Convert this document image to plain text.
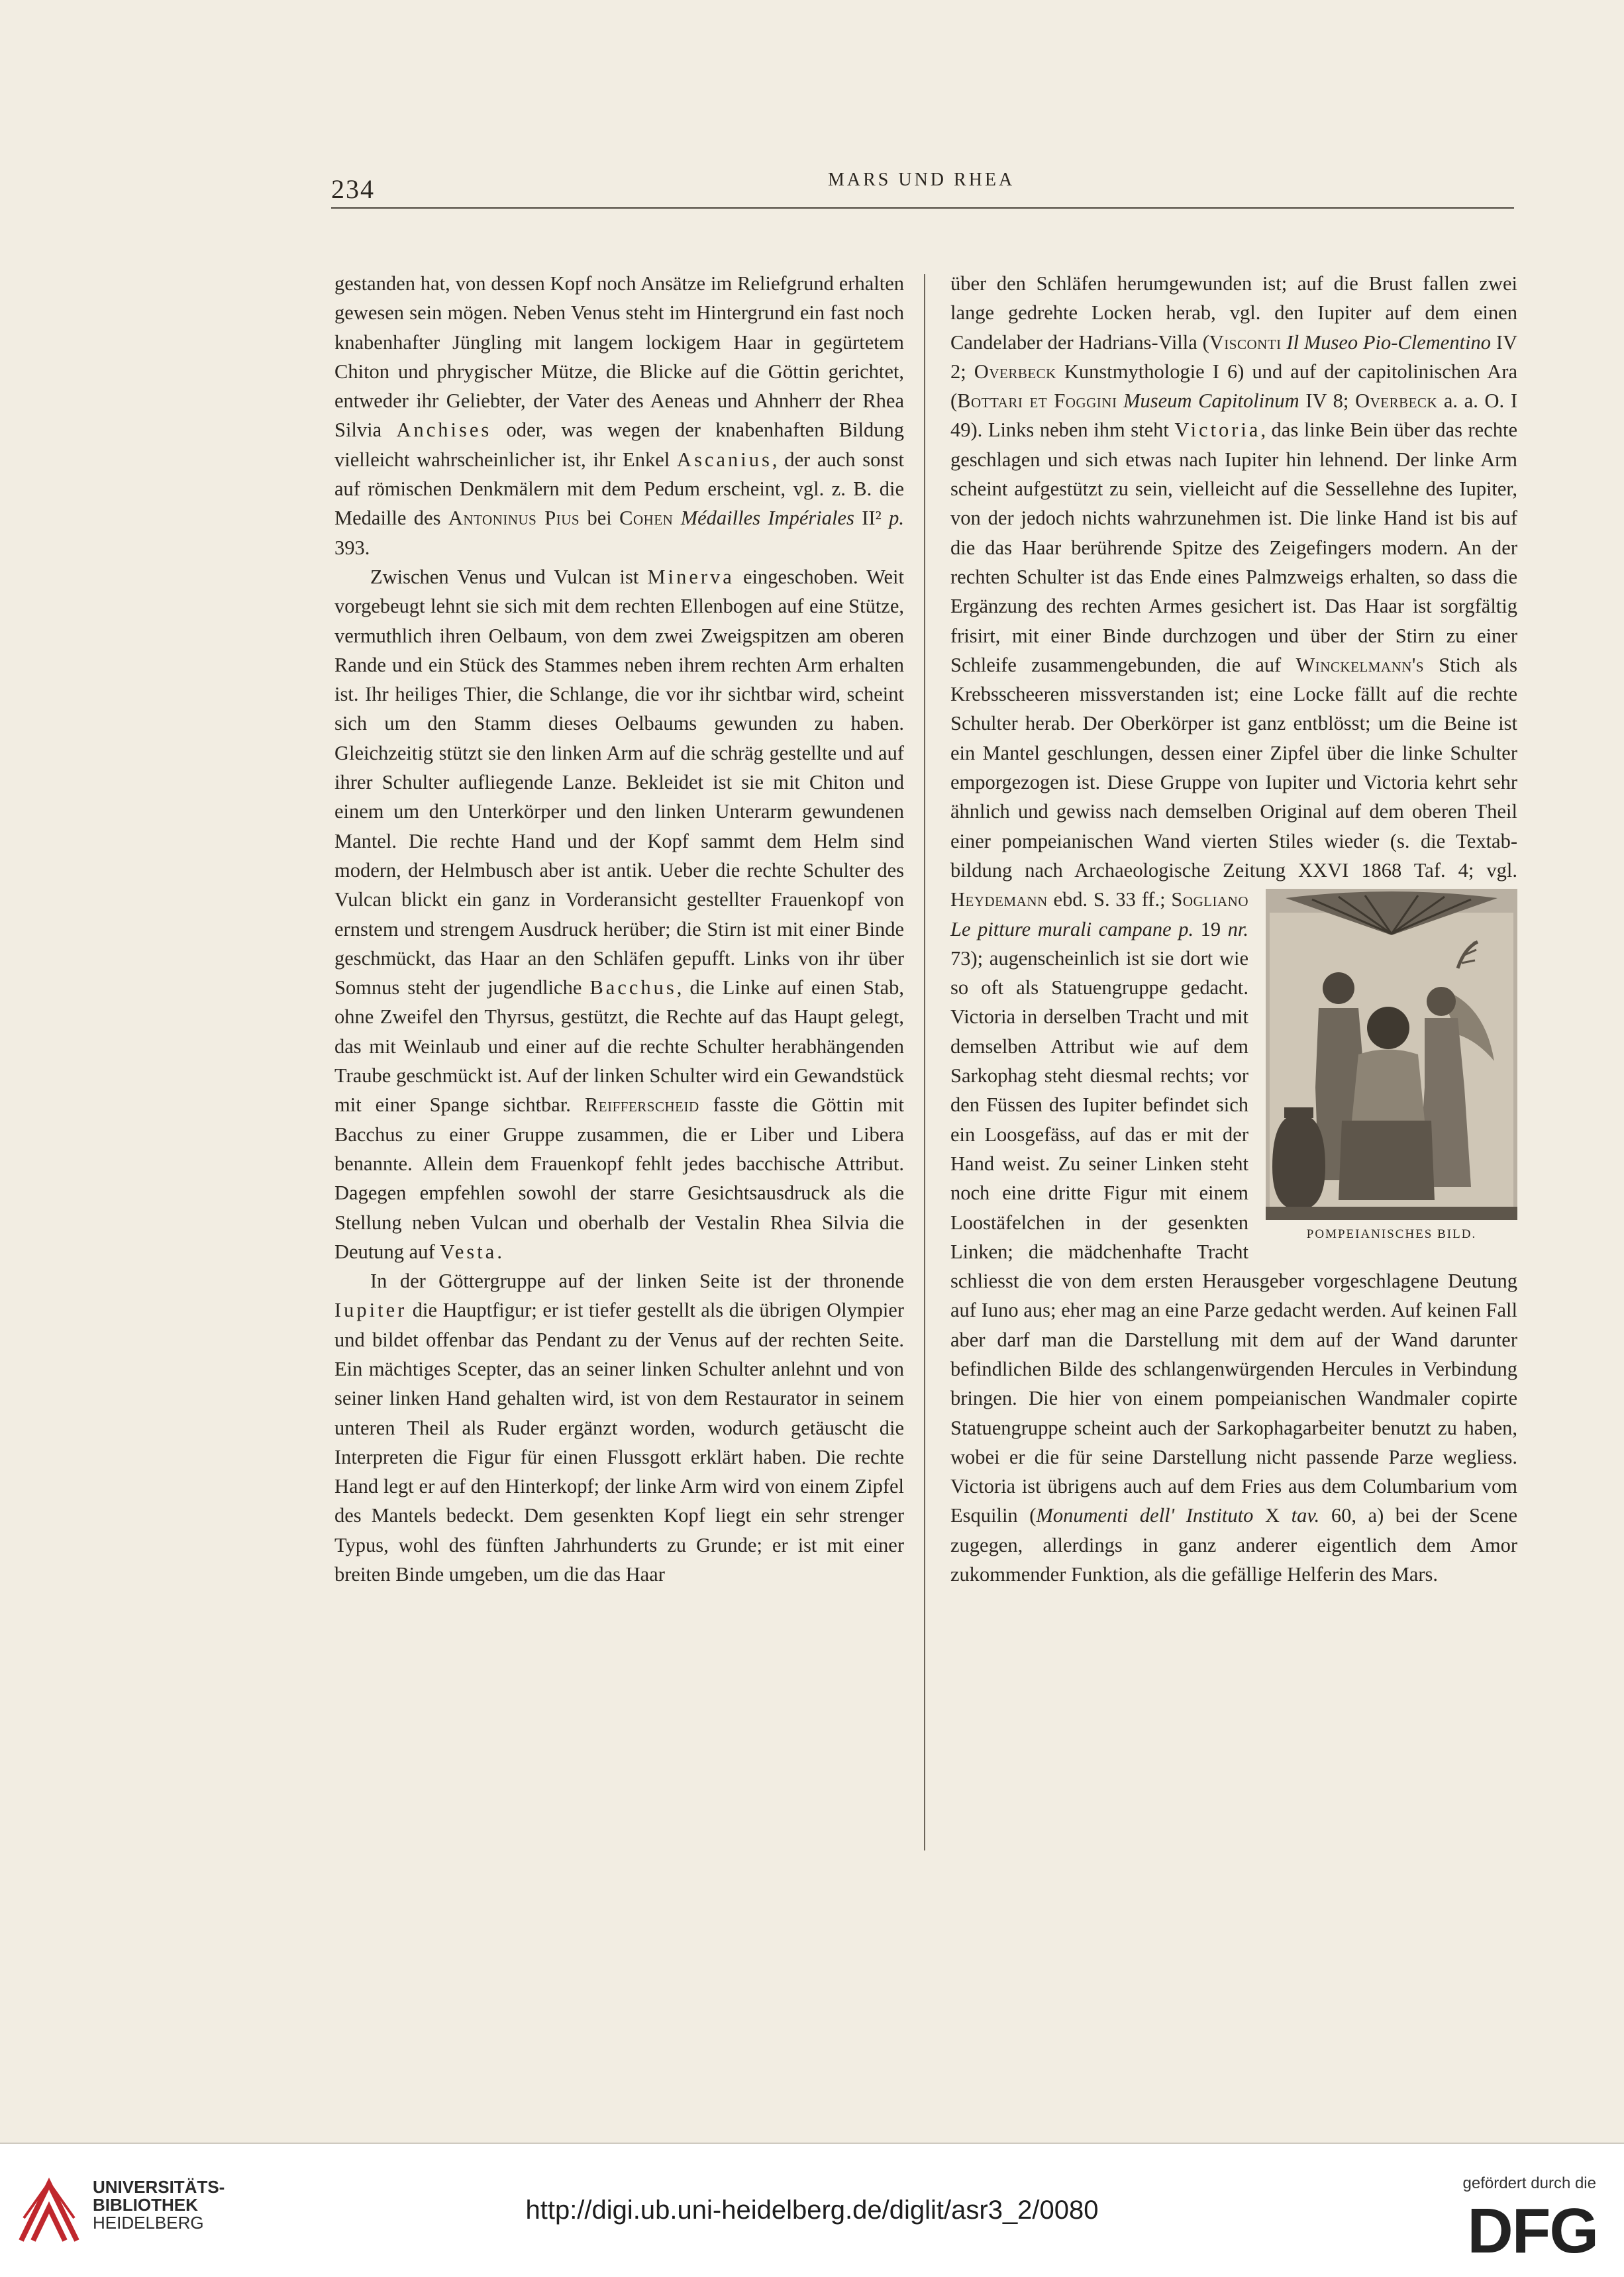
234	MARS UND RHEA

gestanden hat, von dessen Kopf noch Ansätze im Reliefgrund erhalten gewesen sein mögen. Neben Venus steht im Hintergrund ein fast noch knabenhafter Jüngling mit langem lockigem Haar in gegürtetem Chiton und phrygischer Mütze, die Blicke auf die Göttin gerichtet, entweder ihr Geliebter, der Vater des Aeneas und Ahnherr der Rhea Silvia Anchises oder, was wegen der knabenhaften Bildung vielleicht wahrscheinlicher ist, ihr Enkel Ascanius, der auch sonst auf römischen Denkmälern mit dem Pedum erscheint, vgl. z. B. die Medaille des Antoninus Pius bei Cohen Médailles Impériales II² p. 393.

Zwischen Venus und Vulcan ist Minerva eingeschoben. Weit vorgebeugt lehnt sie sich mit dem rechten Ellenbogen auf eine Stütze, vermuthlich ihren Oelbaum, von dem zwei Zweigspitzen am oberen Rande und ein Stück des Stammes neben ihrem rechten Arm erhalten ist. Ihr heiliges Thier, die Schlange, die vor ihr sichtbar wird, scheint sich um den Stamm dieses Oelbaums gewunden zu haben. Gleichzeitig stützt sie den linken Arm auf die schräg gestellte und auf ihrer Schulter aufliegende Lanze. Bekleidet ist sie mit Chiton und einem um den Unterkörper und den linken Unterarm gewundenen Mantel. Die rechte Hand und der Kopf sammt dem Helm sind modern, der Helmbusch aber ist antik. Ueber die rechte Schulter des Vulcan blickt ein ganz in Vorderansicht gestellter Frauenkopf von ernstem und strengem Ausdruck herüber; die Stirn ist mit einer Binde geschmückt, das Haar an den Schläfen gepufft. Links von ihr über Somnus steht der jugendliche Bacchus, die Linke auf einen Stab, ohne Zweifel den Thyrsus, gestützt, die Rechte auf das Haupt gelegt, das mit Weinlaub und einer auf die rechte Schulter herabhängenden Traube geschmückt ist. Auf der linken Schulter wird ein Gewandstück mit einer Spange sichtbar. Reifferscheid fasste die Göttin mit Bacchus zu einer Gruppe zusammen, die er Liber und Libera benannte. Allein dem Frauenkopf fehlt jedes bacchische Attribut. Dagegen empfehlen sowohl der starre Gesichtsausdruck als die Stellung neben Vulcan und oberhalb der Vestalin Rhea Silvia die Deutung auf Vesta.

In der Göttergruppe auf der linken Seite ist der thronende Iupiter die Hauptfigur; er ist tiefer gestellt als die übrigen Olympier und bildet offenbar das Pendant zu der Venus auf der rechten Seite. Ein mächtiges Scepter, das an seiner linken Schulter anlehnt und von seiner linken Hand gehalten wird, ist von dem Restaurator in seinem unteren Theil als Ruder ergänzt worden, wodurch getäuscht die Interpreten die Figur für einen Flussgott erklärt haben. Die rechte Hand legt er auf den Hinterkopf; der linke Arm wird von einem Zipfel des Mantels bedeckt. Dem gesenkten Kopf liegt ein sehr strenger Typus, wohl des fünften Jahrhunderts zu Grunde; er ist mit einer breiten Binde umgeben, um die das Haar

über den Schläfen herumgewunden ist; auf die Brust fallen zwei lange gedrehte Locken herab, vgl. den Iupiter auf dem einen Candelaber der Hadrians-Villa (Visconti Il Museo Pio-Clementino IV 2; Overbeck Kunstmythologie I 6) und auf der capitolinischen Ara (Bottari et Foggini Museum Capitolinum IV 8; Overbeck a. a. O. I 49). Links neben ihm steht Victoria, das linke Bein über das rechte geschlagen und sich etwas nach Iupiter hin lehnend. Der linke Arm scheint aufgestützt zu sein, vielleicht auf die Sessellehne des Iupiter, von der jedoch nichts wahrzunehmen ist. Die linke Hand ist bis auf die das Haar berührende Spitze des Zeigefingers modern. An der rechten Schulter ist das Ende eines Palmzweigs erhalten, so dass die Ergänzung des rechten Armes gesichert ist. Das Haar ist sorgfältig frisirt, mit einer Binde durchzogen und über der Stirn zu einer Schleife zusammengebunden, die auf Winckelmann's Stich als Krebsscheeren missverstanden ist; eine Locke fällt auf die rechte Schulter herab. Der Oberkörper ist ganz entblösst; um die Beine ist ein Mantel geschlungen, dessen einer Zipfel über die linke Schulter emporgezogen ist. Diese Gruppe von Iupiter und Victoria kehrt sehr ähnlich und gewiss nach demselben Original auf dem oberen Theil einer pompeianischen Wand vierten Stiles wieder (s. die Textabbildung nach Archaeologische Zeitung XXVI 1868 Taf. 4; vgl. Heydemann ebd. S. 33 ff.;
POMPEIANISCHES BILD.
Sogliano Le pitture murali campane p. 19 nr. 73); augenscheinlich ist sie dort wie so oft als Statuengruppe gedacht. Victoria in derselben Tracht und mit demselben Attribut wie auf dem Sarkophag steht diesmal rechts; vor den Füssen des Iupiter befindet sich ein Loosgefäss, auf das er mit der Hand weist. Zu seiner Linken steht noch eine dritte Figur mit einem Loostäfelchen in der gesenkten Linken; die mädchenhafte Tracht schliesst die von dem ersten Herausgeber vorgeschlagene Deutung auf Iuno aus; eher mag an eine Parze gedacht werden. Auf keinen Fall aber darf man die Darstellung mit dem auf der Wand darunter befindlichen Bilde des schlangenwürgenden Hercules in Verbindung bringen. Die hier von einem pompeianischen Wandmaler copirte Statuengruppe scheint auch der Sarkophagarbeiter benutzt zu haben, wobei er die für seine Darstellung nicht passende Parze wegliess. Victoria ist übrigens auch auf dem Fries aus dem Columbarium vom Esquilin (Monumenti dell' Instituto X tav. 60, a) bei der Scene zugegen, allerdings in ganz anderer eigentlich dem Amor zukommender Funktion, als die gefällige Helferin des Mars.

UNIVERSITÄTS-
BIBLIOTHEK
HEIDELBERG	http://digi.ub.uni-heidelberg.de/diglit/asr3_2/0080
gefördert durch die
DFG
